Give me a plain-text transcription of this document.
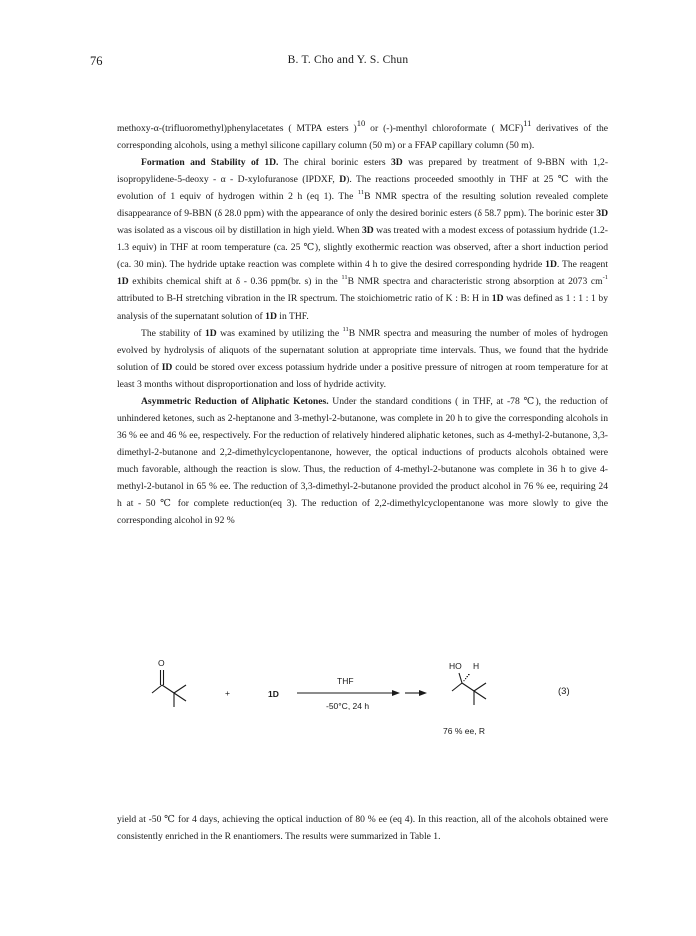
76	B. T. Cho and Y. S. Chun

methoxy-α-(trifluoromethyl)phenylacetates ( MTPA esters )$^{10}$ or (-)-menthyl chloroformate ( MCF)$^{11}$ derivatives of the corresponding alcohols, using a methyl silicone capillary column (50 m) or a FFAP capillary column (50 m).

Formation and Stability of 1D. The chiral borinic esters 3D was prepared by treatment of 9-BBN with 1,2-isopropylidene-5-deoxy - α - D-xylofuranose (IPDXF, D). The reactions proceeded smoothly in THF at 25 ℃ with the evolution of 1 equiv of hydrogen within 2 h (eq 1). The $^{11}$B NMR spectra of the resulting solution revealed complete disappearance of 9-BBN (δ 28.0 ppm) with the appearance of only the desired borinic esters (δ 58.7 ppm). The borinic ester 3D was isolated as a viscous oil by distillation in high yield. When 3D was treated with a modest excess of potassium hydride (1.2-1.3 equiv) in THF at room temperature (ca. 25 ℃), slightly exothermic reaction was observed, after a short induction period (ca. 30 min). The hydride uptake reaction was complete within 4 h to give the desired corresponding hydride 1D. The reagent 1D exhibits chemical shift at δ - 0.36 ppm(br. s) in the $^{11}$B NMR spectra and characteristic strong absorption at 2073 $cm^{-1}$ attributed to B-H stretching vibration in the IR spectrum. The stoichiometric ratio of K : B: H in 1D was defined as 1 : 1 : 1 by analysis of the supernatant solution of 1D in THF.

The stability of 1D was examined by utilizing the $^{11}$B NMR spectra and measuring the number of moles of hydrogen evolved by hydrolysis of aliquots of the supernatant solution at appropriate time intervals. Thus, we found that the hydride solution of ID could be stored over excess potassium hydride under a positive pressure of nitrogen at room temperature for at least 3 months without disproportionation and loss of hydride activity.

Asymmetric Reduction of Aliphatic Ketones. Under the standard conditions ( in THF, at -78 ℃), the reduction of unhindered ketones, such as 2-heptanone and 3-methyl-2-butanone, was complete in 20 h to give the corresponding alcohols in 36 % ee and 46 % ee, respectively. For the reduction of relatively hindered aliphatic ketones, such as 4-methyl-2-butanone, 3,3-dimethyl-2-butanone and 2,2-dimethylcyclopentanone, however, the optical inductions of products alcohols obtained were much favorable, although the reaction is slow. Thus, the reduction of 4-methyl-2-butanone was complete in 36 h to give 4-methyl-2-butanol in 65 % ee. The reduction of 3,3-dimethyl-2-butanone provided the product alcohol in 76 % ee, requiring 24 h at - 50 ℃ for complete reduction(eq 3). The reduction of 2,2-dimethylcyclopentanone was more slowly to give the corresponding alcohol in 92 %

O
+	1D
THF
-50°C, 24 h
HO H
76 % ee, R
(3)

yield at -50 ℃ for 4 days, achieving the optical induction of 80 % ee (eq 4). In this reaction, all of the alcohols obtained were consistently enriched in the R enantiomers. The results were summarized in Table 1.
